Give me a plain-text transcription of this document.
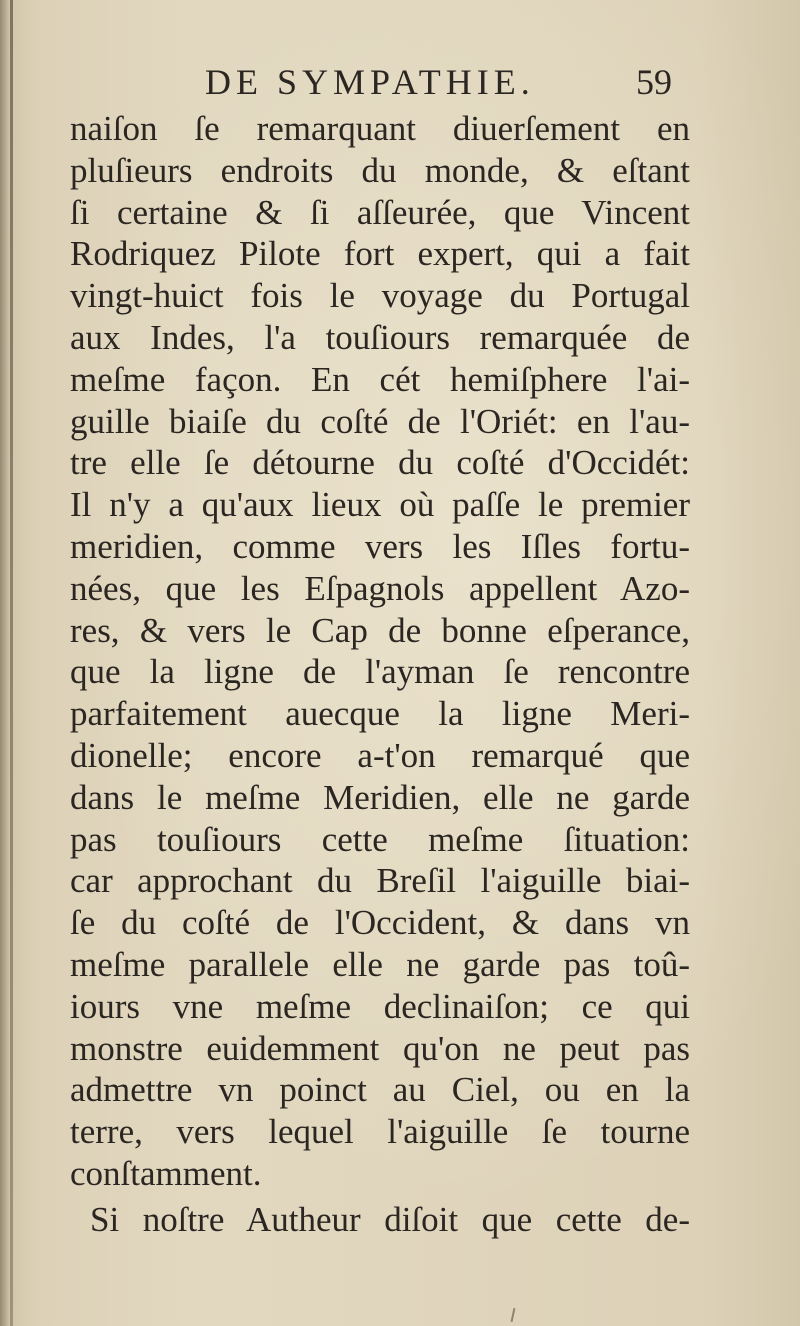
DE SYMPATHIE.	59
naiſon ſe remarquant diuerſement en
pluſieurs endroits du monde, & eſtant
ſi certaine & ſi aſſeurée, que Vincent
Rodriquez Pilote fort expert, qui a fait
vingt-huict fois le voyage du Portugal
aux Indes, l'a touſiours remarquée de
meſme façon. En cét hemiſphere l'ai-
guille biaiſe du coſté de l'Oriét: en l'au-
tre elle ſe détourne du coſté d'Occidét:
Il n'y a qu'aux lieux où paſſe le premier
meridien, comme vers les Iſles fortu-
nées, que les Eſpagnols appellent Azo-
res, & vers le Cap de bonne eſperance,
que la ligne de l'ayman ſe rencontre
parfaitement auecque la ligne Meri-
dionelle; encore a-t'on remarqué que
dans le meſme Meridien, elle ne garde
pas touſiours cette meſme ſituation:
car approchant du Breſil l'aiguille biai-
ſe du coſté de l'Occident, & dans vn
meſme parallele elle ne garde pas toû-
iours vne meſme declinaiſon; ce qui
monstre euidemment qu'on ne peut pas
admettre vn poinct au Ciel, ou en la
terre, vers lequel l'aiguille ſe tourne
conſtamment.
Si noſtre Autheur diſoit que cette de-
